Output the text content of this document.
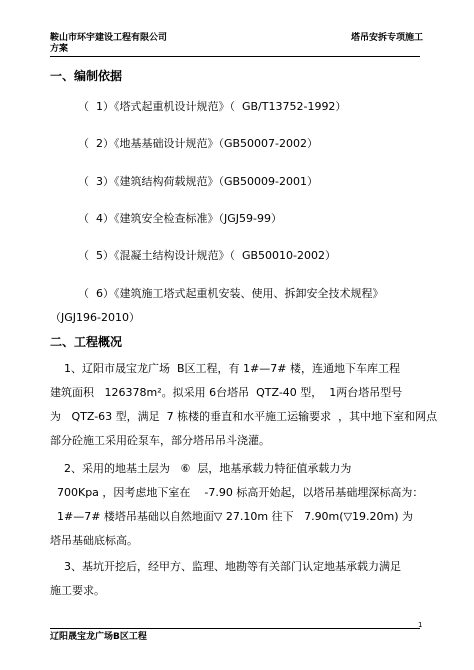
鞍山市环宇建设工程有限公司
方案
塔吊安拆专项施工
一、编制依据
（  1）《塔式起重机设计规范》（  GB/T13752-1992）
（  2）《地基基础设计规范》（GB50007-2002）
（  3）《建筑结构荷载规范》（GB50009-2001）
（  4）《建筑安全检查标准》（JGJ59-99）
（  5）《混凝土结构设计规范》（  GB50010-2002）
（  6）《建筑施工塔式起重机安装、使用、拆卸安全技术规程》
（JGJ196-2010）
二、工程概况
1、辽阳市晟宝龙广场  B区工程，有 1#—7# 楼，连通地下车库工程
建筑面积   126378m²。拟采用 6台塔吊  QTZ-40 型，  1两台塔吊型号
为   QTZ-63 型，满足  7 栋楼的垂直和水平施工运输要求  ，其中地下室和网点
部分砼施工采用砼泵车，部分塔吊吊斗浇灌。
2、采用的地基土层为   ⑥  层，地基承载力特征值承载力为
700Kpa ，因考虑地下室在    -7.90 标高开始起，以塔吊基础埋深标高为：
1#—7# 楼塔吊基础以自然地面▽ 27.10m 往下   7.90m(▽19.20m) 为
塔吊基础底标高。
3、基坑开挖后，经甲方、监理、地勘等有关部门认定地基承载力满足
施工要求。
1
辽阳晟宝龙广场B区工程
